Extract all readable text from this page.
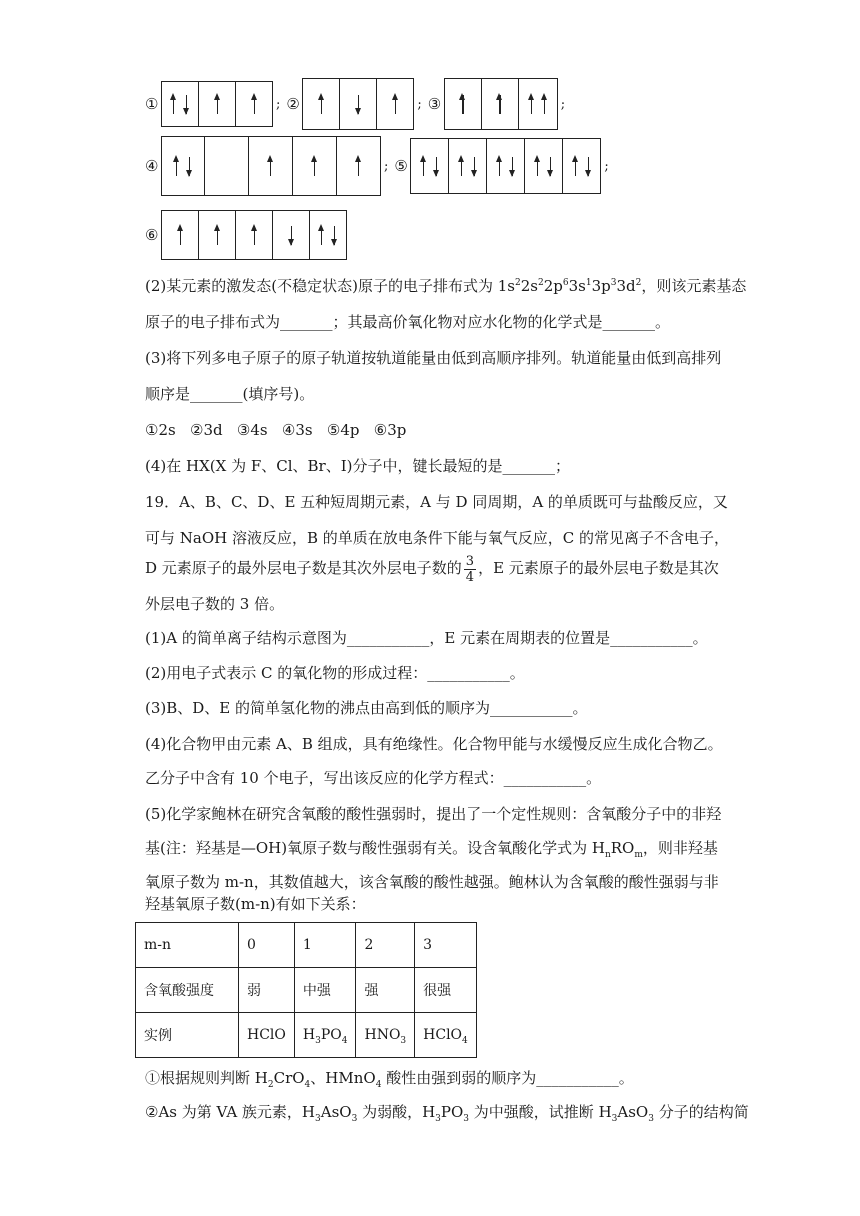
①	; ②	; ③	;
④	; ⑤	;
⑥
(2)某元素的激发态(不稳定状态)原子的电子排布式为 $1s^22s^22p^63s^13p^33d^2$，则该元素基态
原子的电子排布式为_______；其最高价氧化物对应水化物的化学式是_______。
(3)将下列多电子原子的原子轨道按轨道能量由低到高顺序排列。轨道能量由低到高排列
顺序是_______(填序号)。
①2s   ②3d   ③4s   ④3s   ⑤4p   ⑥3p
(4)在 HX(X 为 F、Cl、Br、I)分子中，键长最短的是_______；
19．A、B、C、D、E 五种短周期元素，A 与 D 同周期，A 的单质既可与盐酸反应，又
可与 NaOH 溶液反应，B 的单质在放电条件下能与氧气反应，C 的常见离子不含电子，
D 元素原子的最外层电子数是其次外层电子数的 $\frac{3}{4}$ ，E 元素原子的最外层电子数是其次
外层电子数的 3 倍。
(1)A 的简单离子结构示意图为___________，E 元素在周期表的位置是___________。
(2)用电子式表示 C 的氧化物的形成过程：___________。
(3)B、D、E 的简单氢化物的沸点由高到低的顺序为___________。
(4)化合物甲由元素 A、B 组成，具有绝缘性。化合物甲能与水缓慢反应生成化合物乙。
乙分子中含有 10 个电子，写出该反应的化学方程式：___________。
(5)化学家鲍林在研究含氧酸的酸性强弱时，提出了一个定性规则：含氧酸分子中的非羟
基(注：羟基是—OH)氧原子数与酸性强弱有关。设含氧酸化学式为 $H_nRO_m$，则非羟基
氧原子数为 m-n，其数值越大，该含氧酸的酸性越强。鲍林认为含氧酸的酸性强弱与非
羟基氧原子数(m-n)有如下关系：
m-n	0	1	2	3
含氧酸强度	弱	中强	强	很强
实例	HClO	$H_3PO_4$	$HNO_3$	HClO$_4$
①根据规则判断 $H_2CrO_4$、HMnO$_4$ 酸性由强到弱的顺序为___________。
②As 为第 VA 族元素，$H_3AsO_3$ 为弱酸，$H_3PO_3$ 为中强酸，试推断 $H_3AsO_3$ 分子的结构简
